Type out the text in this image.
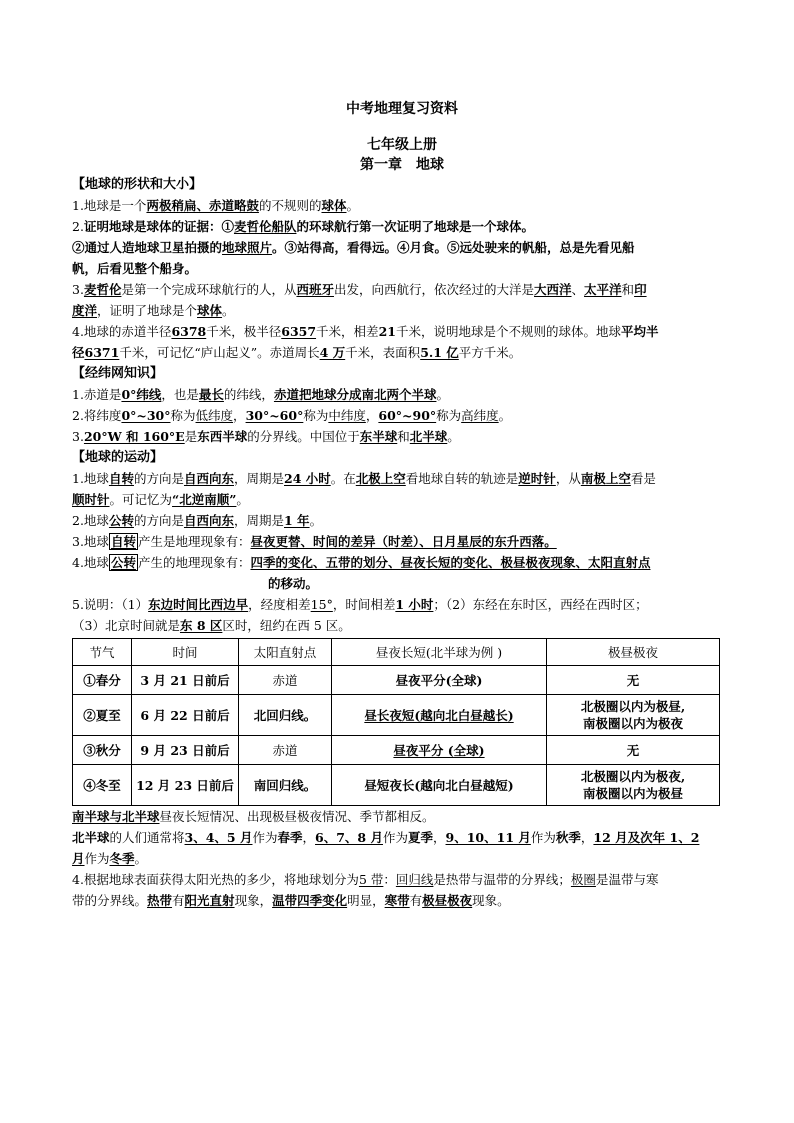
中考地理复习资料
七年级上册
第一章　地球
【地球的形状和大小】

1.地球是一个两极稍扁、赤道略鼓的不规则的球体。

2.证明地球是球体的证据：①麦哲伦船队的环球航行第一次证明了地球是一个球体。

②通过人造地球卫星拍摄的地球照片。③站得高，看得远。④月食。⑤远处驶来的帆船，总是先看见船

帆，后看见整个船身。

3.麦哲伦是第一个完成环球航行的人，从西班牙出发，向西航行，依次经过的大洋是大西洋、太平洋和印

度洋，证明了地球是个球体。

4.地球的赤道半径6378千米，极半径6357千米，相差21千米，说明地球是个不规则的球体。地球平均半

径6371千米，可记忆“庐山起义”。赤道周长4 万千米，表面积5.1 亿平方千米。

【经纬网知识】

1.赤道是0°纬线，也是最长的纬线，赤道把地球分成南北两个半球。

2.将纬度0°~30°称为低纬度，30°~60°称为中纬度，60°~90°称为高纬度。

3.20°W 和 160°E是东西半球的分界线。中国位于东半球和北半球。

【地球的运动】

1.地球自转的方向是自西向东，周期是24 小时。在北极上空看地球自转的轨迹是逆时针，从南极上空看是

顺时针。可记忆为“北逆南顺”。

2.地球公转的方向是自西向东，周期是1 年。

3.地球 自转 产生是地理现象有：昼夜更替、时间的差异（时差）、日月星辰的东升西落。

4.地球 公转 产生的地理现象有：四季的变化、五带的划分、昼夜长短的变化、极昼极夜现象、太阳直射点

的移动。

5.说明：（1）东边时间比西边早，经度相差15°，时间相差1 小时；（2）东经在东时区，西经在西时区；

（3）北京时间就是东 8 区区时，纽约在西 5 区。

节气	时间	太阳直射点	昼夜长短(北半球为例 )	极昼极夜
①春分	3 月 21 日前后	赤道	昼夜平分(全球)	无
②夏至	6 月 22 日前后	北回归线。	昼长夜短(越向北白昼越长)	北极圈以内为极昼,
南极圈以内为极夜

③秋分	9 月 23 日前后	赤道	昼夜平分 (全球)	无
④冬至	12 月 23 日前后	南回归线。	昼短夜长(越向北白昼越短)	北极圈以内为极夜,
南极圈以内为极昼

南半球与北半球昼夜长短情况、出现极昼极夜情况、季节都相反。

北半球的人们通常将3、4、5 月作为春季，6、7、8 月作为夏季，9、10、11 月作为秋季，12 月及次年 1、2

月作为冬季。

4.根据地球表面获得太阳光热的多少，将地球划分为5 带：回归线是热带与温带的分界线；极圈是温带与寒

带的分界线。热带有阳光直射现象，温带四季变化明显，寒带有极昼极夜现象。
